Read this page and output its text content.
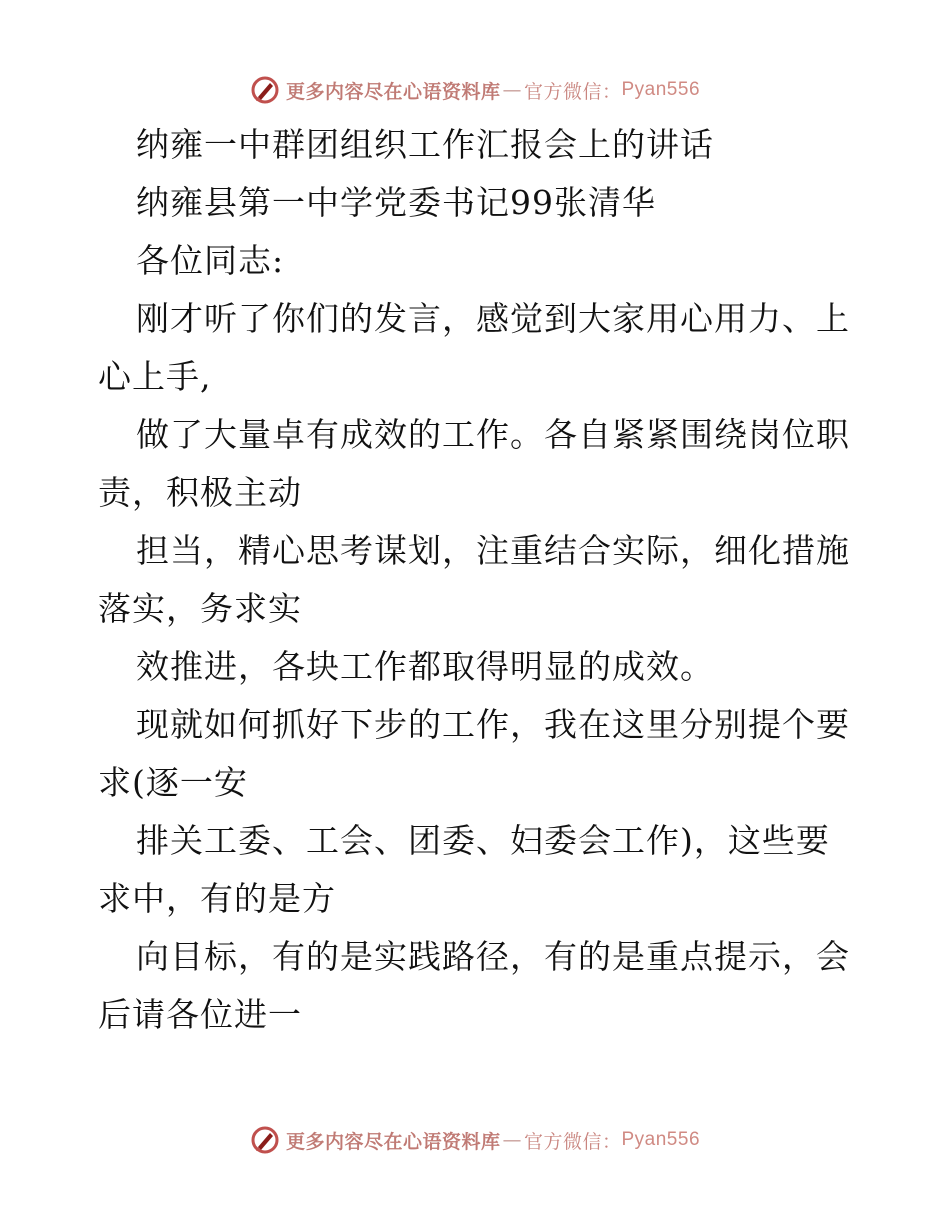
更多内容尽在心语资料库 — 官方微信： Pyan556
纳雍一中群团组织工作汇报会上的讲话
纳雍县第一中学党委书记99张清华
各位同志:
刚才听了你们的发言，感觉到大家用心用力、上
心上手,
做了大量卓有成效的工作。各自紧紧围绕岗位职
责，积极主动
担当，精心思考谋划，注重结合实际，细化措施
落实，务求实
效推进，各块工作都取得明显的成效。
现就如何抓好下步的工作，我在这里分别提个要
求(逐一安
排关工委、工会、团委、妇委会工作)，这些要
求中，有的是方
向目标，有的是实践路径，有的是重点提示，会
后请各位进一
更多内容尽在心语资料库 — 官方微信： Pyan556
